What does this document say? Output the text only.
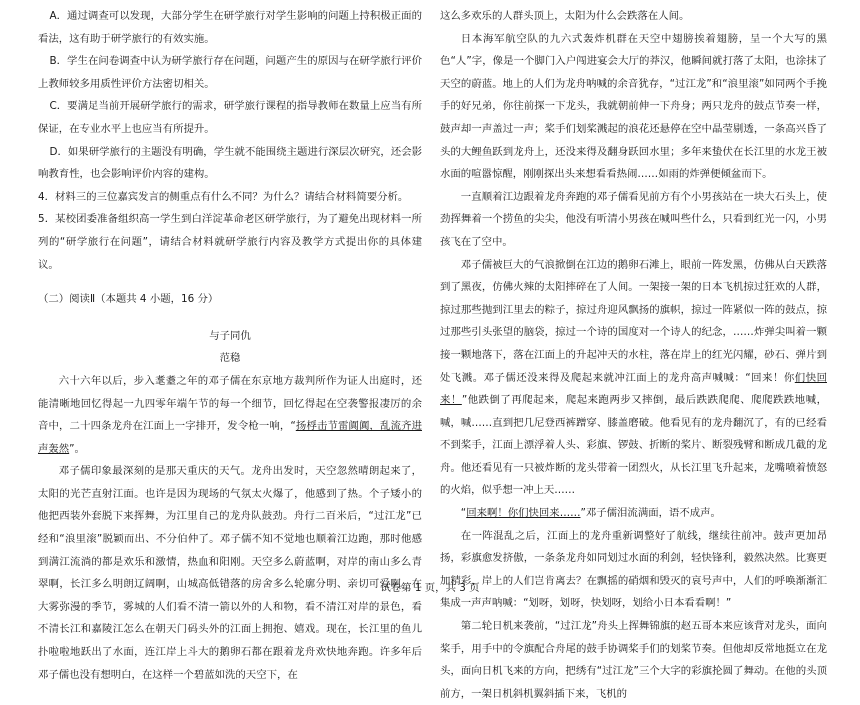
A．通过调查可以发现，大部分学生在研学旅行对学生影响的问题上持积极正面的看法，这有助于研学旅行的有效实施。

B．学生在问卷调查中认为研学旅行存在问题，问题产生的原因与在研学旅行评价上教师较多用质性评价方法密切相关。

C．要满足当前开展研学旅行的需求，研学旅行课程的指导教师在数量上应当有所保证，在专业水平上也应当有所提升。

D．如果研学旅行的主题没有明确，学生就不能围绕主题进行深层次研究，还会影响教育性，也会影响评价内容的建构。

4．材料三的三位嘉宾发言的侧重点有什么不同？为什么？请结合材料简要分析。

5．某校团委准备组织高一学生到白洋淀革命老区研学旅行，为了避免出现材料一所列的“研学旅行在问题”，请结合材料就研学旅行内容及教学方式提出你的具体建议。

（二）阅读Ⅱ（本题共 4 小题，16 分）

与子同仇

范稳

六十六年以后，步入耄耋之年的邓子儒在东京地方裁判所作为证人出庭时，还能清晰地回忆得起一九四零年端午节的每一个细节，回忆得起在空袭警报凄厉的余音中，二十四条龙舟在江面上一字排开，发令枪一响，“扬桴击节雷阗阗，乱流齐进声轰然”。

邓子儒印象最深刻的是那天重庆的天气。龙舟出发时，天空忽然晴朗起来了，太阳的光芒直射江面。也许是因为现场的气氛太火爆了，他感到了热。个子矮小的他把西装外套脱下来挥舞，为江里自己的龙舟队鼓劲。舟行二百米后，“过江龙”已经和“浪里滚”脱颖而出、不分伯仲了。邓子儒不知不觉地也顺着江边跑，那时他感到满江流淌的都是欢乐和激情，热血和阳刚。天空多么蔚蓝啊，对岸的南山多么青翠啊，长江多么明朗辽阔啊，山城高低错落的房舍多么轮廓分明、亲切可爱啊。在大雾弥漫的季节，雾城的人们看不清一箭以外的人和物，看不清江对岸的景色，看不清长江和嘉陵江怎么在朝天门码头外的江面上拥抱、嬉戏。现在，长江里的鱼儿扑啦啦地跃出了水面，连江岸上斗大的鹅卵石都在跟着龙舟欢快地奔跑。许多年后邓子儒也没有想明白，在这样一个碧蓝如洗的天空下，在

这么多欢乐的人群头顶上，太阳为什么会跌落在人间。

日本海军航空队的九六式轰炸机群在天空中翅膀挨着翅膀，呈一个大写的黑色“人”字，像是一个脚门入户闯进宴会大厅的莽汉，他瞬间就打落了太阳，也涂抹了天空的蔚蓝。地上的人们为龙舟呐喊的余音犹存，“过江龙”和“浪里滚”如同两个手挽手的好兄弟，你往前探一下龙头，我就朝前伸一下舟身；两只龙舟的鼓点节奏一样，鼓声却一声盖过一声；桨手们划桨溅起的浪花还悬停在空中晶莹剔透，一条高兴昏了头的大鲤鱼跃到龙舟上，还没来得及翻身跃回水里；多年来蛰伏在长江里的水龙王被水面的喧嚣惊醒，刚刚探出头来想看看热闹……如雨的炸弹便倾盆而下。

一直顺着江边跟着龙舟奔跑的邓子儒看见前方有个小男孩站在一块大石头上，使劲挥舞着一个捞鱼的尖尖，他没有听清小男孩在喊叫些什么，只看到红光一闪，小男孩飞在了空中。

邓子儒被巨大的气浪掀倒在江边的鹅卵石滩上，眼前一阵发黑，仿佛从白天跌落到了黑夜，仿佛火辣的太阳摔碎在了人间。一架接一架的日本飞机掠过狂欢的人群，掠过那些抛到江里去的粽子，掠过舟迎风飘扬的旗帜，掠过一阵紧似一阵的鼓点，掠过那些引头张望的脑袋，掠过一个诗的国度对一个诗人的纪念，……炸弹尖叫着一颗接一颗地落下，落在江面上的升起冲天的水柱，落在岸上的红光闪耀，砂石、弹片到处飞溅。邓子儒还没来得及爬起来就冲江面上的龙舟高声喊喊：“回来！你们快回来！”他跌倒了再爬起来，爬起来跑两步又摔倒，最后跌跌爬爬、爬爬跌跌地喊，喊，喊……直到把几尼登西裤蹭穿、膝盖磨破。他看见有的龙舟翻沉了，有的已经看不到桨手，江面上漂浮着人头、彩旗、锣鼓、折断的桨片、断裂残臂和断成几截的龙舟。他还看见有一只被炸断的龙头带着一团烈火，从长江里飞升起来，龙嘴喷着愤怒的火焰，似乎想一冲上天……

“回来啊！你们快回来……”邓子儒泪流满面，语不成声。

在一阵混乱之后，江面上的龙舟重新调整好了航线，继续往前冲。鼓声更加昂扬，彩旗愈发挤傲，一条条龙舟如同划过水面的利剑，轻快锋利，毅然决然。比赛更加精彩，岸上的人们岂肯离去？在飘摇的硝烟和毁灭的哀号声中，人们的呼唤渐渐汇集成一声声呐喊：“划呀，划呀，快划呀，划给小日本看看啊！”

第二轮日机来袭前，“过江龙”舟头上挥舞锦旗的赵五哥本来应该背对龙头，面向桨手，用手中的令旗配合舟尾的鼓手协调桨手们的划桨节奏。但他却反常地挺立在龙头，面向日机飞来的方向，把绣有“过江龙”三个大字的彩旗抡圆了舞动。在他的头顶前方，一架日机斜机翼斜插下来，飞机的

试卷第 1 页，共 3 页
